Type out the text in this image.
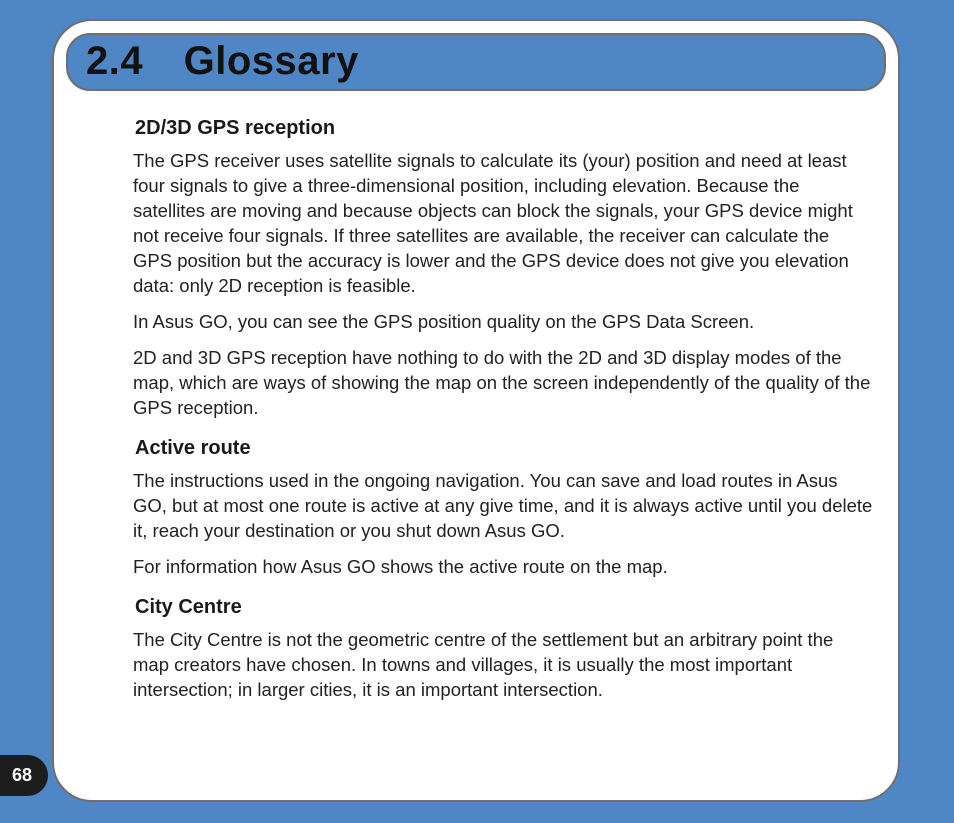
2.4 Glossary
2D/3D GPS reception

The GPS receiver uses satellite signals to calculate its (your) position and need at least four signals to give a three-dimensional position, including elevation. Because the satellites are moving and because objects can block the signals, your GPS device might not receive four signals. If three satellites are available, the receiver can calculate the GPS position but the accuracy is lower and the GPS device does not give you elevation data: only 2D reception is feasible.

In Asus GO, you can see the GPS position quality on the GPS Data Screen.

2D and 3D GPS reception have nothing to do with the 2D and 3D display modes of the map, which are ways of showing the map on the screen independently of the quality of the GPS reception.

Active route

The instructions used in the ongoing navigation. You can save and load routes in Asus GO, but at most one route is active at any give time, and it is always active until you delete it, reach your destination or you shut down Asus GO.

For information how Asus GO shows the active route on the map.

City Centre

The City Centre is not the geometric centre of the settlement but an arbitrary point the map creators have chosen. In towns and villages, it is usually the most important intersection; in larger cities, it is an important intersection.

68
